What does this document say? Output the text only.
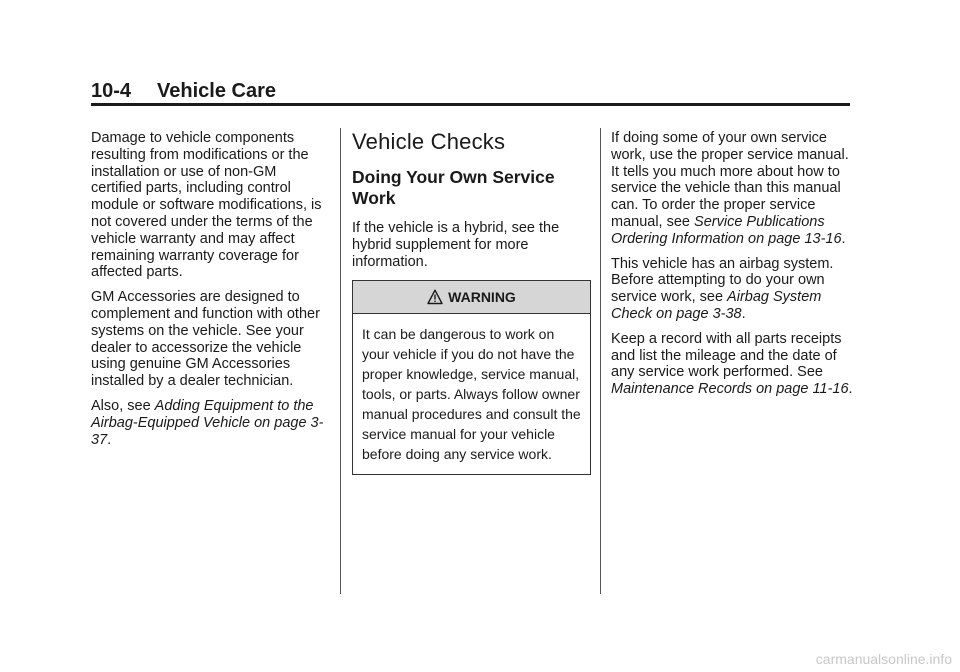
10-4 Vehicle Care

Damage to vehicle components resulting from modifications or the installation or use of non-GM certified parts, including control module or software modifications, is not covered under the terms of the vehicle warranty and may affect remaining warranty coverage for affected parts.

GM Accessories are designed to complement and function with other systems on the vehicle. See your dealer to accessorize the vehicle using genuine GM Accessories installed by a dealer technician.

Also, see Adding Equipment to the Airbag-Equipped Vehicle on page 3-37.

Vehicle Checks
Doing Your Own Service Work

If the vehicle is a hybrid, see the hybrid supplement for more information.

WARNING
It can be dangerous to work on your vehicle if you do not have the proper knowledge, service manual, tools, or parts. Always follow owner manual procedures and consult the service manual for your vehicle before doing any service work.

If doing some of your own service work, use the proper service manual. It tells you much more about how to service the vehicle than this manual can. To order the proper service manual, see Service Publications Ordering Information on page 13-16.

This vehicle has an airbag system. Before attempting to do your own service work, see Airbag System Check on page 3-38.

Keep a record with all parts receipts and list the mileage and the date of any service work performed. See Maintenance Records on page 11-16.

carmanualsonline.info
